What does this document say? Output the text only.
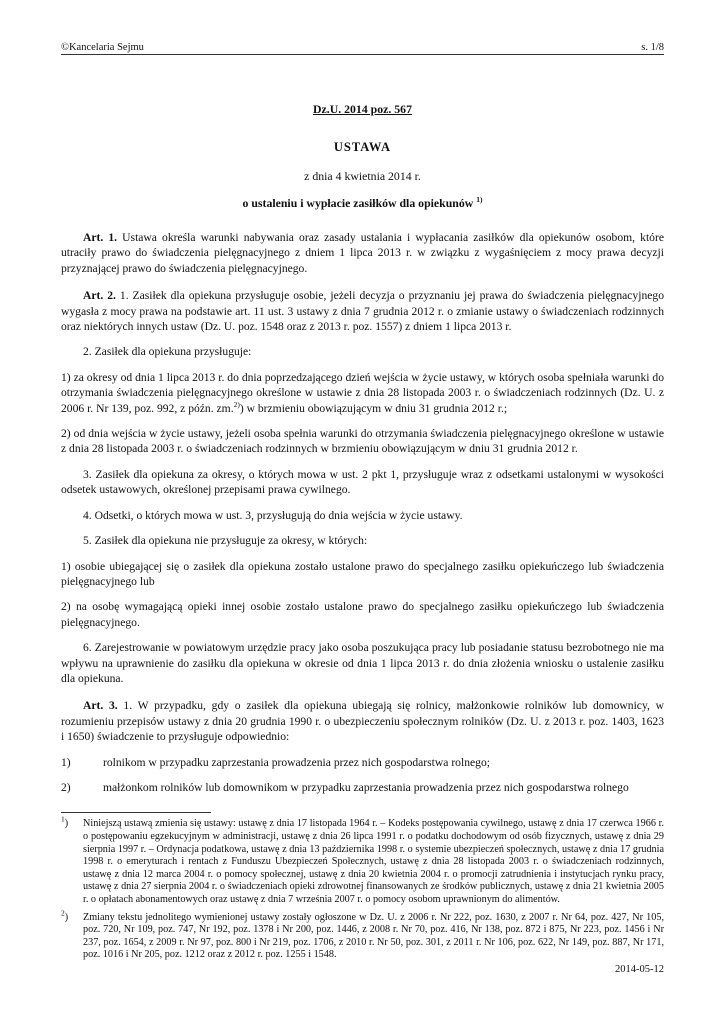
©Kancelaria Sejmu	s. 1/8
Dz.U. 2014 poz. 567
USTAWA
z dnia 4 kwietnia 2014 r.
o ustaleniu i wypłacie zasiłków dla opiekunów $^{1)}$

Art. 1. Ustawa określa warunki nabywania oraz zasady ustalania i wypłacania zasiłków dla opiekunów osobom, które utraciły prawo do świadczenia pielęgnacyjnego z dniem 1 lipca 2013 r. w związku z wygaśnięciem z mocy prawa decyzji przyznającej prawo do świadczenia pielęgnacyjnego.

Art. 2. 1. Zasiłek dla opiekuna przysługuje osobie, jeżeli decyzja o przyznaniu jej prawa do świadczenia pielęgnacyjnego wygasła z mocy prawa na podstawie art. 11 ust. 3 ustawy z dnia 7 grudnia 2012 r. o zmianie ustawy o świadczeniach rodzinnych oraz niektórych innych ustaw (Dz. U. poz. 1548 oraz z 2013 r. poz. 1557) z dniem 1 lipca 2013 r.

2. Zasiłek dla opiekuna przysługuje:

1) za okresy od dnia 1 lipca 2013 r. do dnia poprzedzającego dzień wejścia w życie ustawy, w których osoba spełniała warunki do otrzymania świadczenia pielęgnacyjnego określone w ustawie z dnia 28 listopada 2003 r. o świadczeniach rodzinnych (Dz. U. z 2006 r. Nr 139, poz. 992, z późn. zm.$^{2)}$) w brzmieniu obowiązującym w dniu 31 grudnia 2012 r.;

2) od dnia wejścia w życie ustawy, jeżeli osoba spełnia warunki do otrzymania świadczenia pielęgnacyjnego określone w ustawie z dnia 28 listopada 2003 r. o świadczeniach rodzinnych w brzmieniu obowiązującym w dniu 31 grudnia 2012 r.

3. Zasiłek dla opiekuna za okresy, o których mowa w ust. 2 pkt 1, przysługuje wraz z odsetkami ustalonymi w wysokości odsetek ustawowych, określonej przepisami prawa cywilnego.

4. Odsetki, o których mowa w ust. 3, przysługują do dnia wejścia w życie ustawy.

5. Zasiłek dla opiekuna nie przysługuje za okresy, w których:

1) osobie ubiegającej się o zasiłek dla opiekuna zostało ustalone prawo do specjalnego zasiłku opiekuńczego lub świadczenia pielęgnacyjnego lub

2) na osobę wymagającą opieki innej osobie zostało ustalone prawo do specjalnego zasiłku opiekuńczego lub świadczenia pielęgnacyjnego.

6. Zarejestrowanie w powiatowym urzędzie pracy jako osoba poszukująca pracy lub posiadanie statusu bezrobotnego nie ma wpływu na uprawnienie do zasiłku dla opiekuna w okresie od dnia 1 lipca 2013 r. do dnia złożenia wniosku o ustalenie zasiłku dla opiekuna.

Art. 3. 1. W przypadku, gdy o zasiłek dla opiekuna ubiegają się rolnicy, małżonkowie rolników lub domownicy, w rozumieniu przepisów ustawy z dnia 20 grudnia 1990 r. o ubezpieczeniu społecznym rolników (Dz. U. z 2013 r. poz. 1403, 1623 i 1650) świadczenie to przysługuje odpowiednio:

1)	rolnikom w przypadku zaprzestania prowadzenia przez nich gospodarstwa rolnego;
2)	małżonkom rolników lub domownikom w przypadku zaprzestania prowadzenia przez nich gospodarstwa rolnego
$^1$)	Niniejszą ustawą zmienia się ustawy: ustawę z dnia 17 listopada 1964 r. – Kodeks postępowania cywilnego, ustawę z dnia 17 czerwca 1966 r. o postępowaniu egzekucyjnym w administracji, ustawę z dnia 26 lipca 1991 r. o podatku dochodowym od osób fizycznych, ustawę z dnia 29 sierpnia 1997 r. – Ordynacja podatkowa, ustawę z dnia 13 października 1998 r. o systemie ubezpieczeń społecznych, ustawę z dnia 17 grudnia 1998 r. o emeryturach i rentach z Funduszu Ubezpieczeń Społecznych, ustawę z dnia 28 listopada 2003 r. o świadczeniach rodzinnych, ustawę z dnia 12 marca 2004 r. o pomocy społecznej, ustawę z dnia 20 kwietnia 2004 r. o promocji zatrudnienia i instytucjach rynku pracy, ustawę z dnia 27 sierpnia 2004 r. o świadczeniach opieki zdrowotnej finansowanych ze środków publicznych, ustawę z dnia 21 kwietnia 2005 r. o opłatach abonamentowych oraz ustawę z dnia 7 września 2007 r. o pomocy osobom uprawnionym do alimentów.
$^2$)	Zmiany tekstu jednolitego wymienionej ustawy zostały ogłoszone w Dz. U. z 2006 r. Nr 222, poz. 1630, z 2007 r. Nr 64, poz. 427, Nr 105, poz. 720, Nr 109, poz. 747, Nr 192, poz. 1378 i Nr 200, poz. 1446, z 2008 r. Nr 70, poz. 416, Nr 138, poz. 872 i 875, Nr 223, poz. 1456 i Nr 237, poz. 1654, z 2009 r. Nr 97, poz. 800 i Nr 219, poz. 1706, z 2010 r. Nr 50, poz. 301, z 2011 r. Nr 106, poz. 622, Nr 149, poz. 887, Nr 171, poz. 1016 i Nr 205, poz. 1212 oraz z 2012 r. poz. 1255 i 1548.
2014-05-12
